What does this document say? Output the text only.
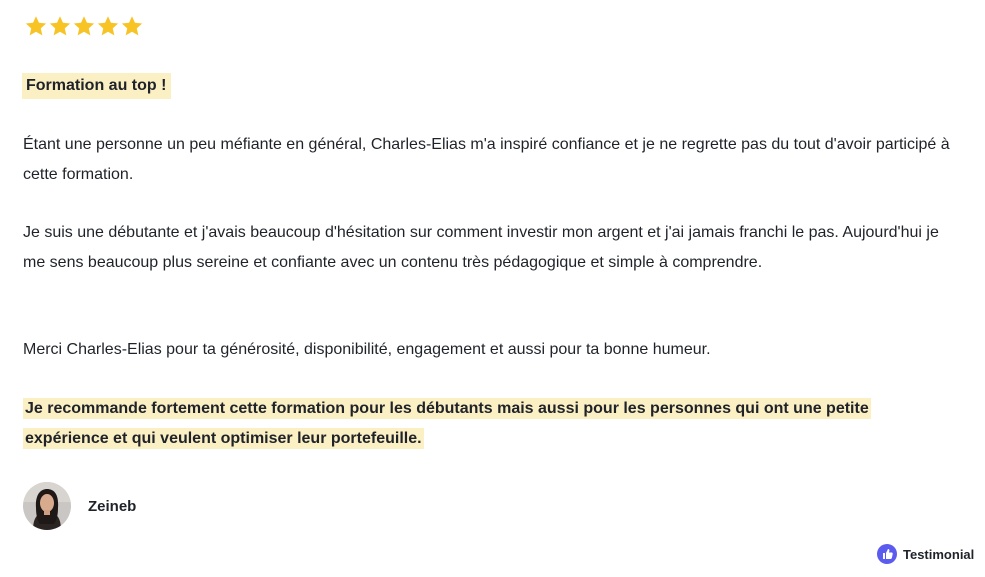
Formation au top !

Étant une personne un peu méfiante en général, Charles-Elias m'a inspiré confiance et je ne regrette pas du tout d'avoir participé à cette formation.

Je suis une débutante et j'avais beaucoup d'hésitation sur comment investir mon argent et j'ai jamais franchi le pas. Aujourd'hui je me sens beaucoup plus sereine et confiante avec un contenu très pédagogique et simple à comprendre.

Merci Charles-Elias pour ta générosité, disponibilité, engagement et aussi pour ta bonne humeur.

Je recommande fortement cette formation pour les débutants mais aussi pour les personnes qui ont une petite expérience et qui veulent optimiser leur portefeuille.

Zeineb
Testimonial
